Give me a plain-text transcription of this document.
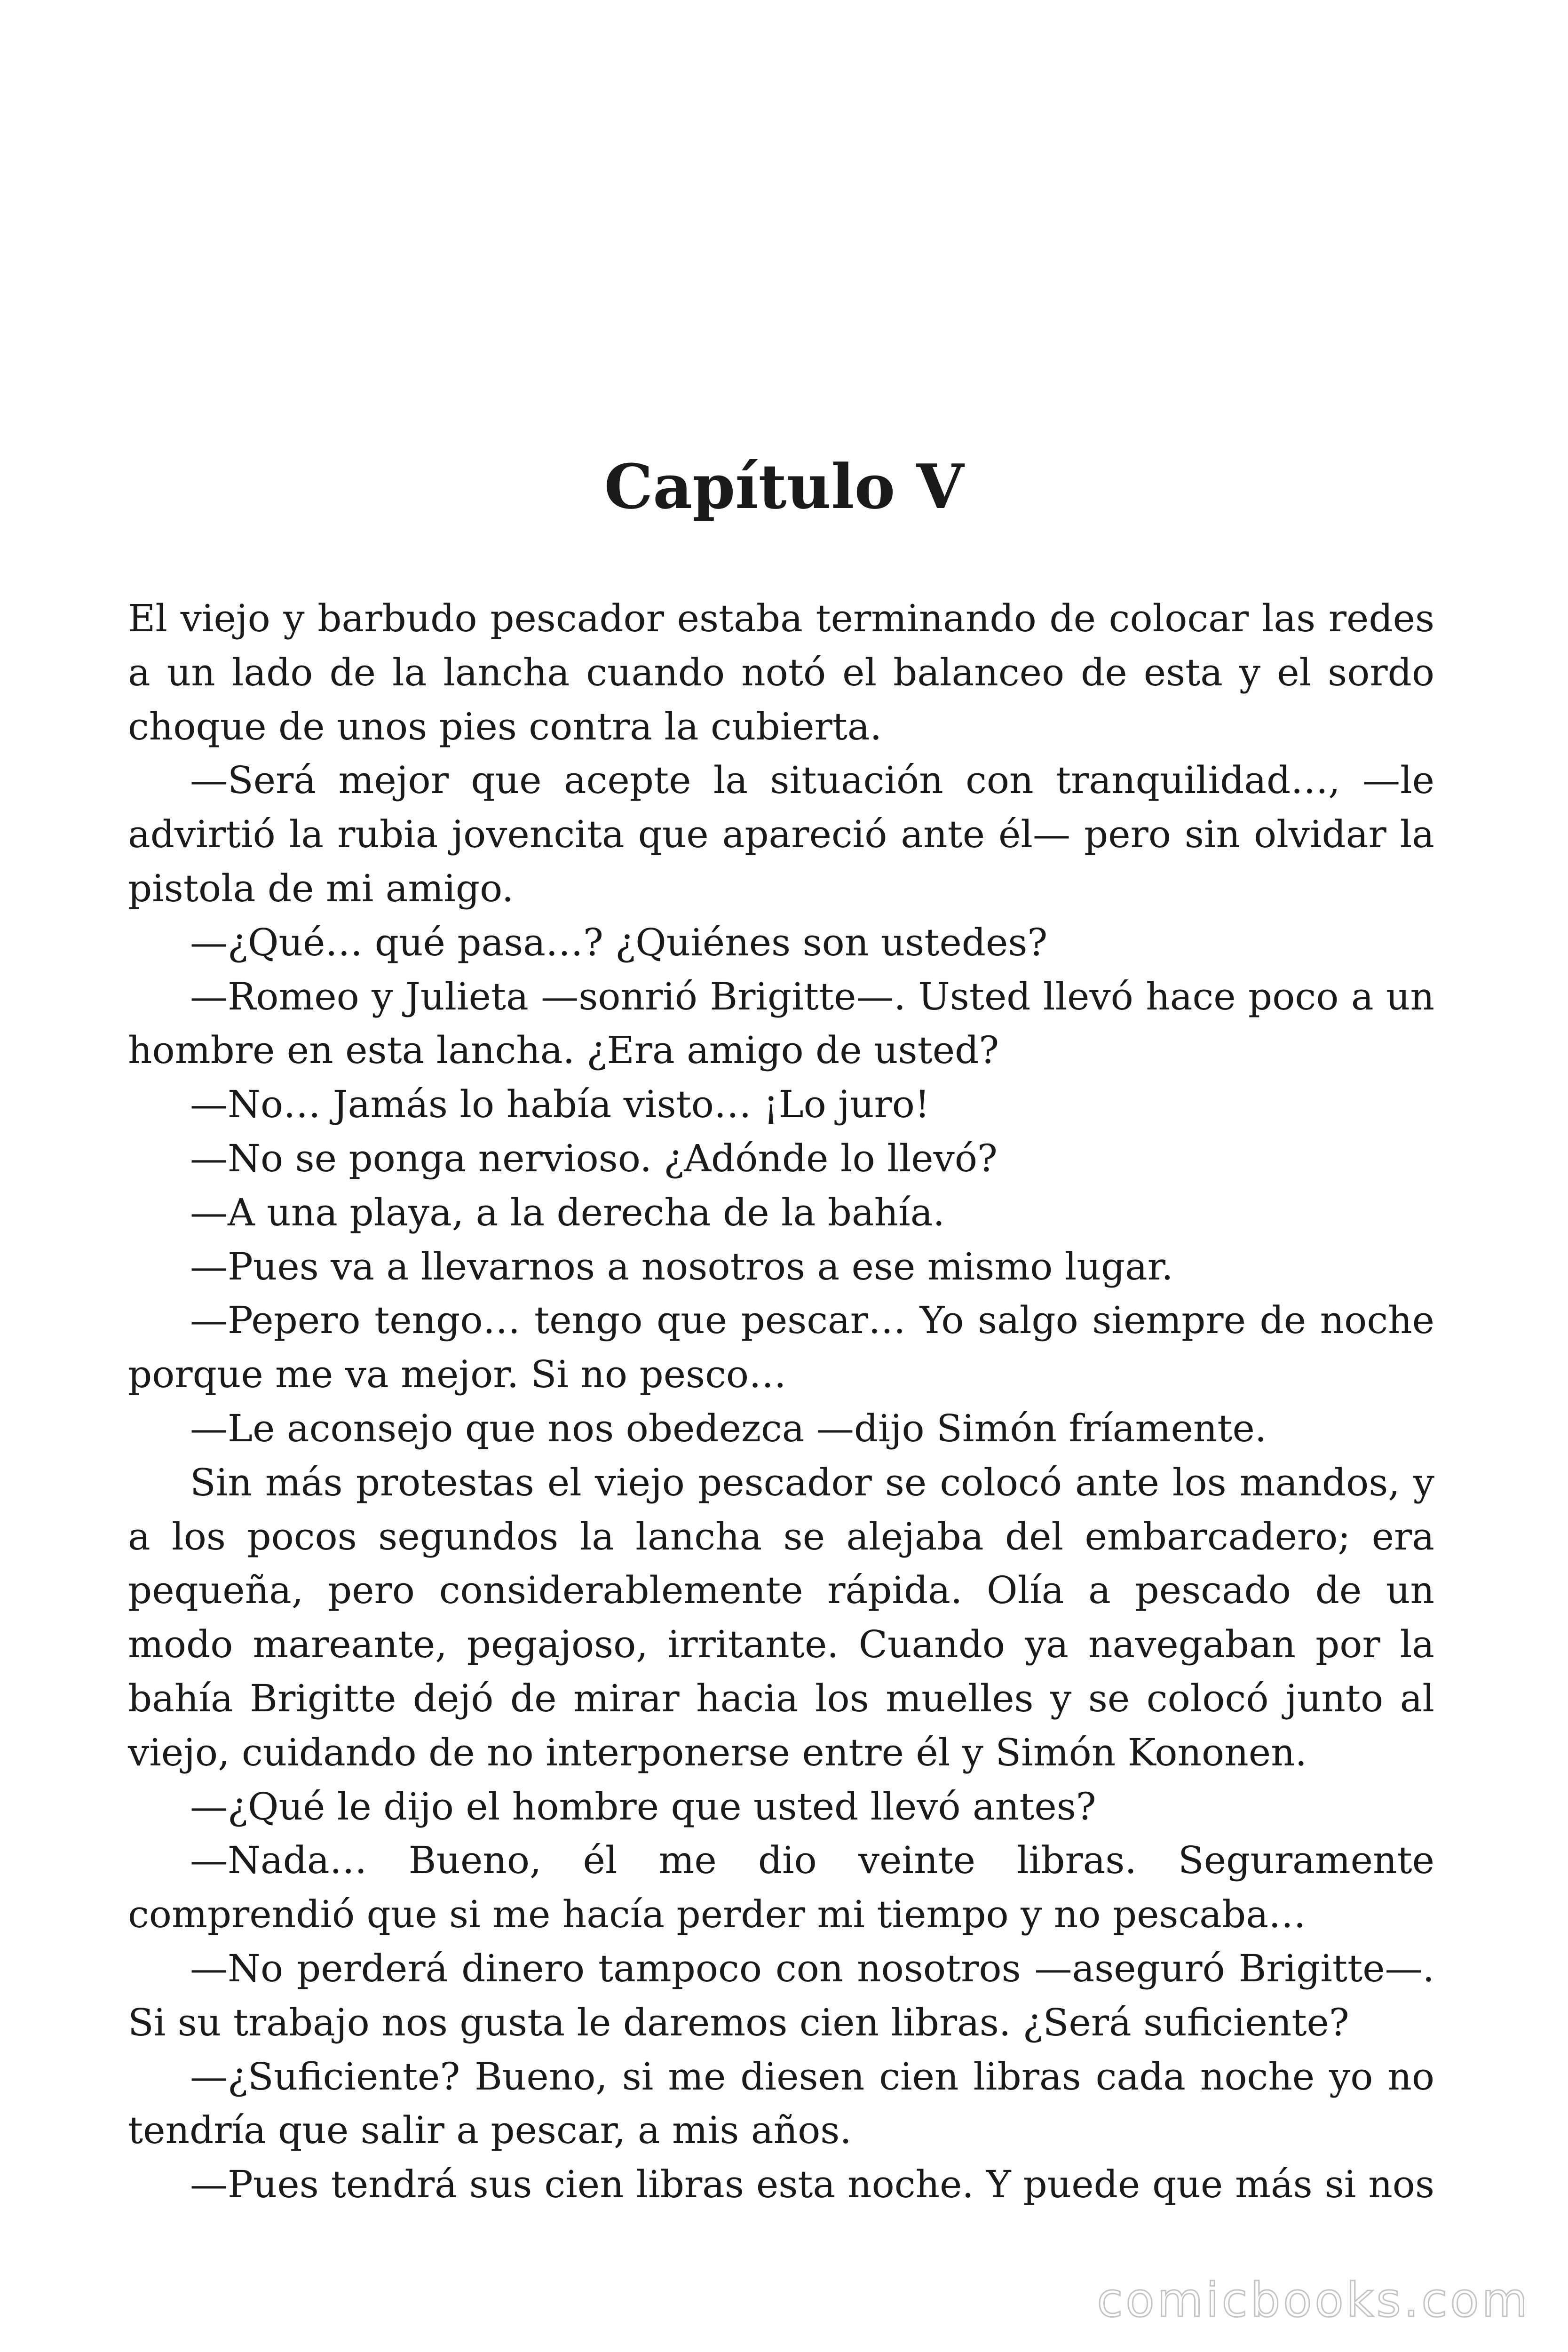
Capítulo V

El viejo y barbudo pescador estaba terminando de colocar las redes a un lado de la lancha cuando notó el balanceo de esta y el sordo choque de unos pies contra la cubierta.

—Será mejor que acepte la situación con tranquilidad…, —le advirtió la rubia jovencita que apareció ante él— pero sin olvidar la pistola de mi amigo.

—¿Qué… qué pasa…? ¿Quiénes son ustedes?

—Romeo y Julieta —sonrió Brigitte—. Usted llevó hace poco a un hombre en esta lancha. ¿Era amigo de usted?

—No… Jamás lo había visto… ¡Lo juro!

—No se ponga nervioso. ¿Adónde lo llevó?

—A una playa, a la derecha de la bahía.

—Pues va a llevarnos a nosotros a ese mismo lugar.

—Pepero tengo… tengo que pescar… Yo salgo siempre de noche porque me va mejor. Si no pesco…

—Le aconsejo que nos obedezca —dijo Simón fríamente.

Sin más protestas el viejo pescador se colocó ante los mandos, y a los pocos segundos la lancha se alejaba del embarcadero; era pequeña, pero considerablemente rápida. Olía a pescado de un modo mareante, pegajoso, irritante. Cuando ya navegaban por la bahía Brigitte dejó de mirar hacia los muelles y se colocó junto al viejo, cuidando de no interponerse entre él y Simón Kononen.

—¿Qué le dijo el hombre que usted llevó antes?

—Nada… Bueno, él me dio veinte libras. Seguramente comprendió que si me hacía perder mi tiempo y no pescaba…

—No perderá dinero tampoco con nosotros —aseguró Brigitte—. Si su trabajo nos gusta le daremos cien libras. ¿Será suficiente?

—¿Suficiente? Bueno, si me diesen cien libras cada noche yo no tendría que salir a pescar, a mis años.

—Pues tendrá sus cien libras esta noche. Y puede que más si nos

comicbooks.com
